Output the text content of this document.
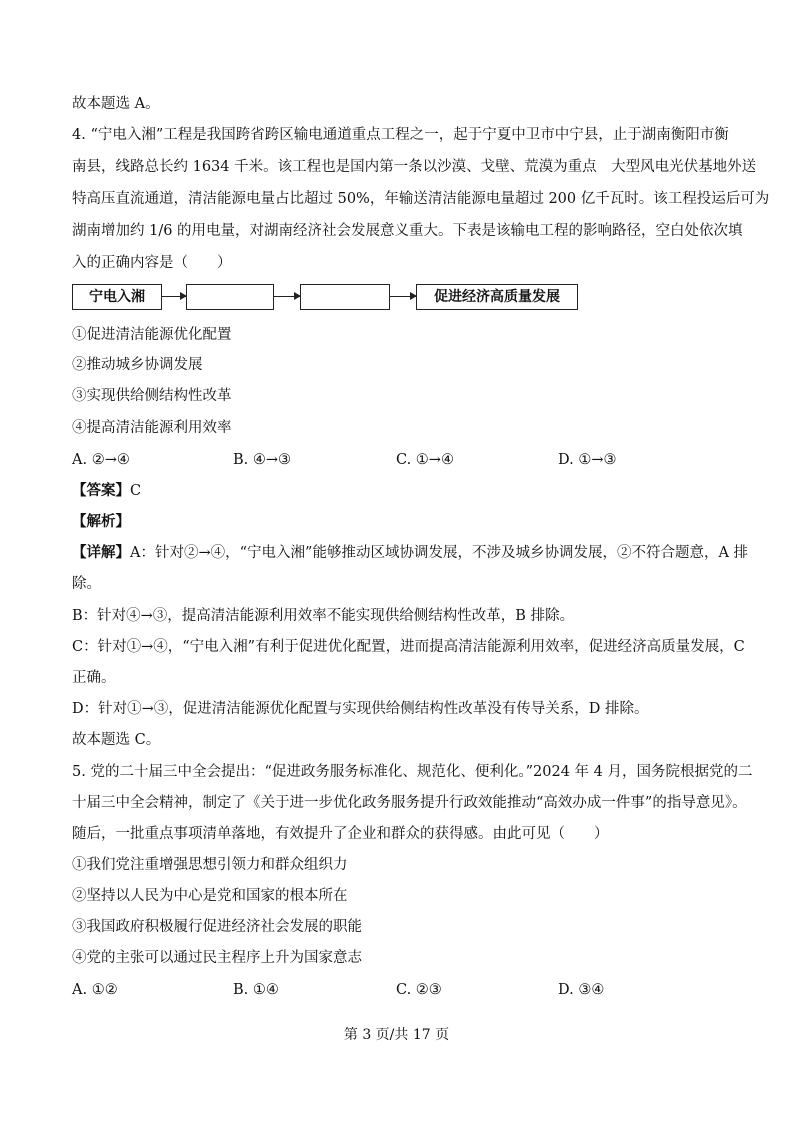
故本题选 A。
4. “宁电入湘”工程是我国跨省跨区输电通道重点工程之一，起于宁夏中卫市中宁县，止于湖南衡阳市衡
南县，线路总长约 1634 千米。该工程也是国内第一条以沙漠、戈壁、荒漠为重点　大型风电光伏基地外送
特高压直流通道，清洁能源电量占比超过 50%，年输送清洁能源电量超过 200 亿千瓦时。该工程投运后可为
湖南增加约 1/6 的用电量，对湖南经济社会发展意义重大。下表是该输电工程的影响路径，空白处依次填
入的正确内容是（　　）
宁电入湘	促进经济高质量发展
①促进清洁能源优化配置
②推动城乡协调发展
③实现供给侧结构性改革
④提高清洁能源利用效率
A. ②→④	B. ④→③	C. ①→④	D. ①→③
【答案】C
【解析】
【详解】A：针对②→④，“宁电入湘”能够推动区域协调发展，不涉及城乡协调发展，②不符合题意，A 排
除。
B：针对④→③，提高清洁能源利用效率不能实现供给侧结构性改革，B 排除。
C：针对①→④，“宁电入湘”有利于促进优化配置，进而提高清洁能源利用效率，促进经济高质量发展，C
正确。
D：针对①→③，促进清洁能源优化配置与实现供给侧结构性改革没有传导关系，D 排除。
故本题选 C。
5. 党的二十届三中全会提出：“促进政务服务标准化、规范化、便利化。”2024 年 4 月，国务院根据党的二
十届三中全会精神，制定了《关于进一步优化政务服务提升行政效能推动“高效办成一件事”的指导意见》。
随后，一批重点事项清单落地，有效提升了企业和群众的获得感。由此可见（　　）
①我们党注重增强思想引领力和群众组织力
②坚持以人民为中心是党和国家的根本所在
③我国政府积极履行促进经济社会发展的职能
④党的主张可以通过民主程序上升为国家意志
A. ①②	B. ①④	C. ②③	D. ③④
第 3 页/共 17 页
